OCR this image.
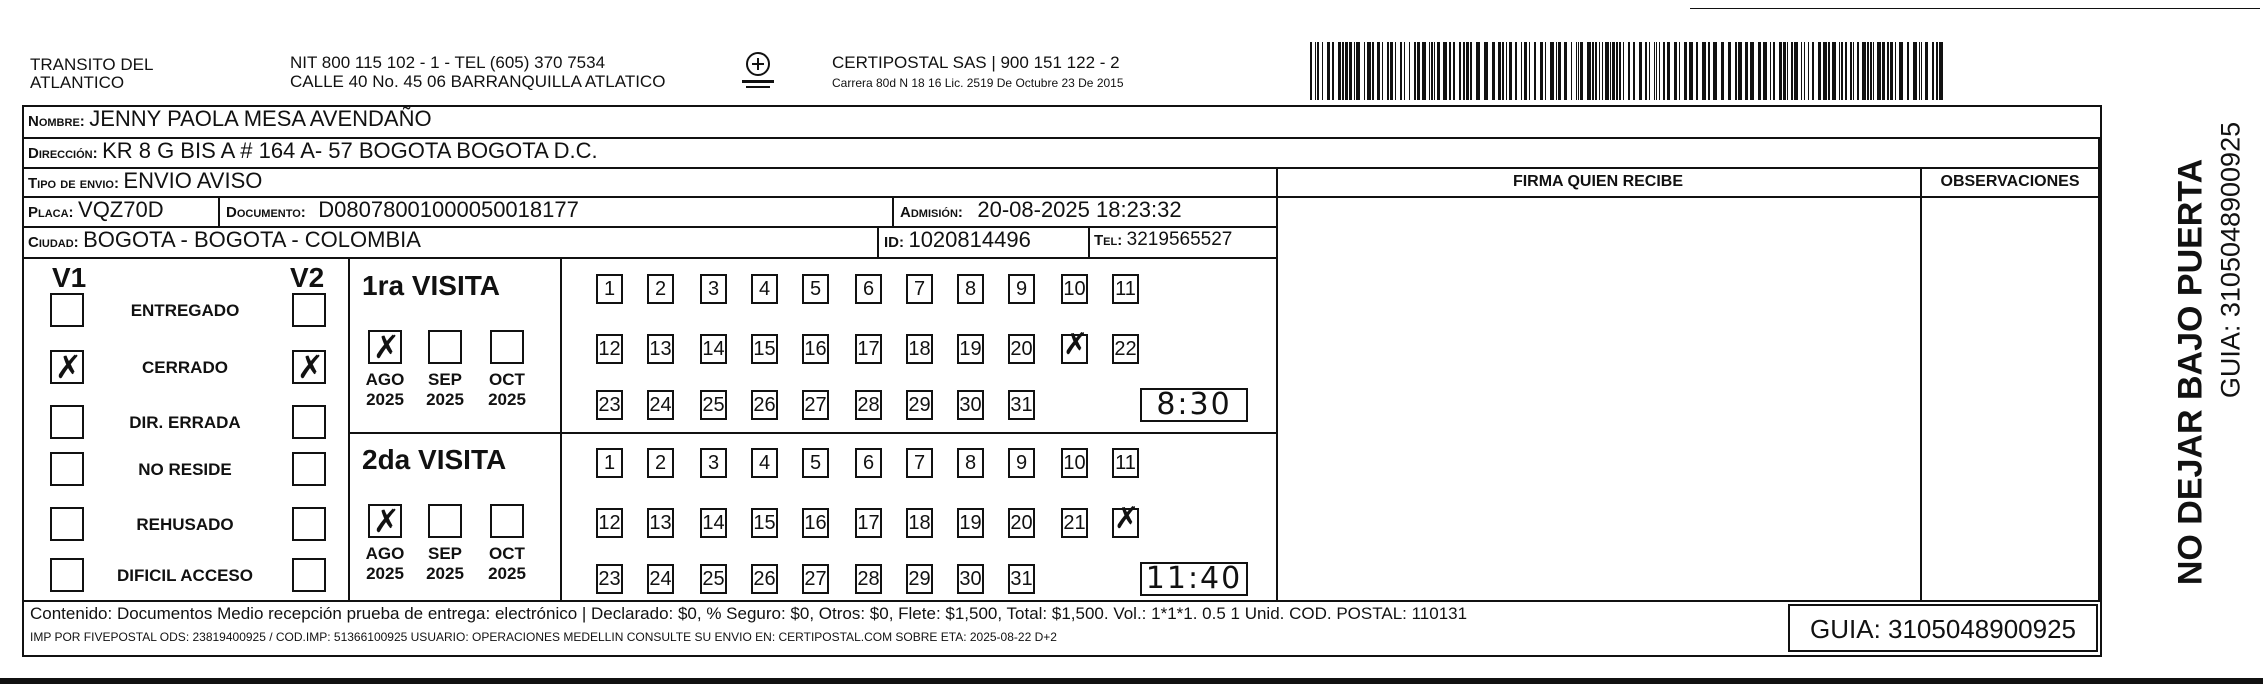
TRANSITO DEL
ATLANTICO
NIT 800 115 102 - 1 - TEL (605) 370 7534
CALLE 40 No. 45 06 BARRANQUILLA ATLATICO
CERTIPOSTAL SAS | 900 151 122 - 2
Carrera 80d N 18 16 Lic. 2519 De Octubre 23 De 2015
Nombre: JENNY PAOLA MESA AVENDAÑO
Dirección: KR 8 G BIS A # 164 A- 57 BOGOTA BOGOTA D.C.
Tipo de envio: ENVIO AVISO
Placa: VQZ70D	Documento: D08078001000050018177	Admisión: 20-08-2025 18:23:32
Ciudad: BOGOTA - BOGOTA - COLOMBIA	ID: 1020814496	Tel: 3219565527
FIRMA QUIEN RECIBE	OBSERVACIONES
V1	V2
ENTREGADO
✗
✗
CERRADO
DIR. ERRADA
NO RESIDE
REHUSADO
DIFICIL ACCESO
1ra VISITA
✗
AGO
2025
SEP
2025
OCT
2025
1	2	3	4	5	6	7	8	9	10 11
12 13 14 15 16 17 18 19 20
✗	22
23 24 25 26 27 28 29 30 31	8:30
2da VISITA
✗
AGO
2025
SEP
2025
OCT
2025
1	2	3	4	5	6	7	8	9	10 11
12 13 14 15 16 17 18 19 20 21
✗
23 24 25 26 27 28 29 30 31	11:40
Contenido: Documentos Medio recepción prueba de entrega: electrónico | Declarado: $0, % Seguro: $0, Otros: $0, Flete: $1,500, Total: $1,500. Vol.: 1*1*1. 0.5 1 Unid. COD. POSTAL: 110131
IMP POR FIVEPOSTAL ODS: 23819400925 / COD.IMP: 51366100925 USUARIO: OPERACIONES MEDELLIN CONSULTE SU ENVIO EN: CERTIPOSTAL.COM SOBRE ETA: 2025-08-22 D+2	GUIA: 3105048900925
NO DEJAR BAJO PUERTA GUIA: 3105048900925
